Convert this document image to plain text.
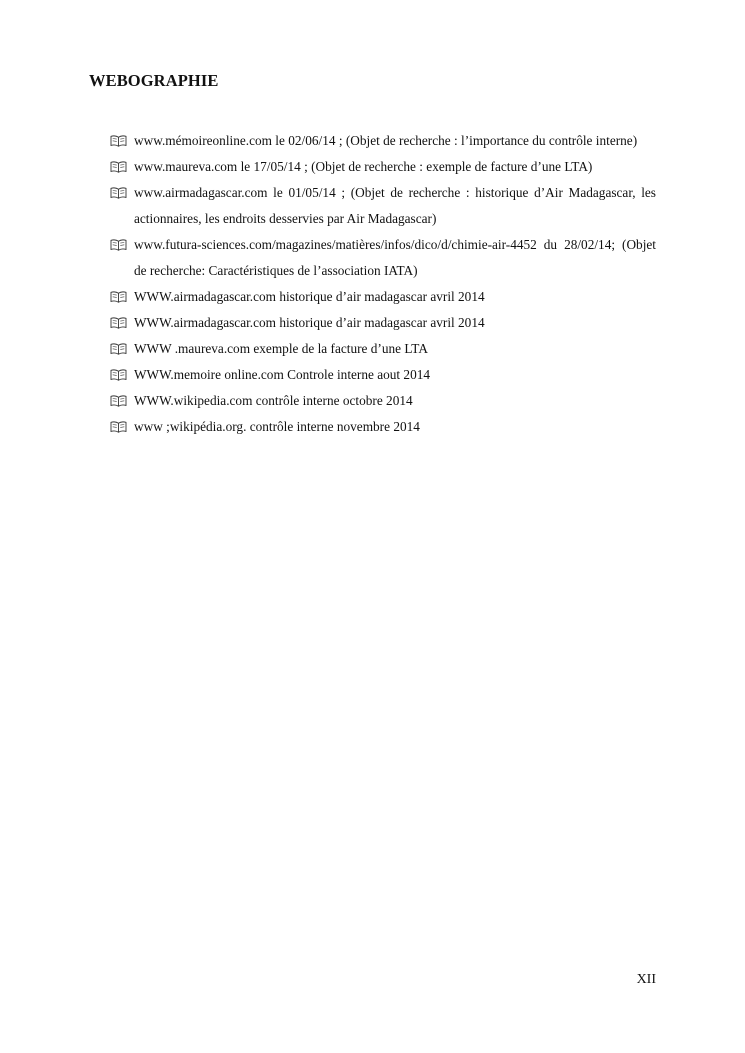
WEBOGRAPHIE
www.mémoireonline.com le 02/06/14 ; (Objet de recherche : l’importance du contrôle interne)
www.maureva.com le 17/05/14 ; (Objet de recherche : exemple de facture d’une LTA)
www.airmadagascar.com le 01/05/14 ; (Objet de recherche : historique d’Air Madagascar, les actionnaires, les endroits desservies par Air Madagascar)
www.futura-sciences.com/magazines/matières/infos/dico/d/chimie-air-4452 du 28/02/14; (Objet de recherche: Caractéristiques de l’association IATA)
WWW.airmadagascar.com historique d’air madagascar avril 2014
WWW.airmadagascar.com historique d’air madagascar avril 2014
WWW .maureva.com exemple de la facture d’une LTA
WWW.memoire online.com Controle interne aout 2014
WWW.wikipedia.com contrôle interne octobre 2014
www ;wikipédia.org. contrôle interne novembre 2014
XII
